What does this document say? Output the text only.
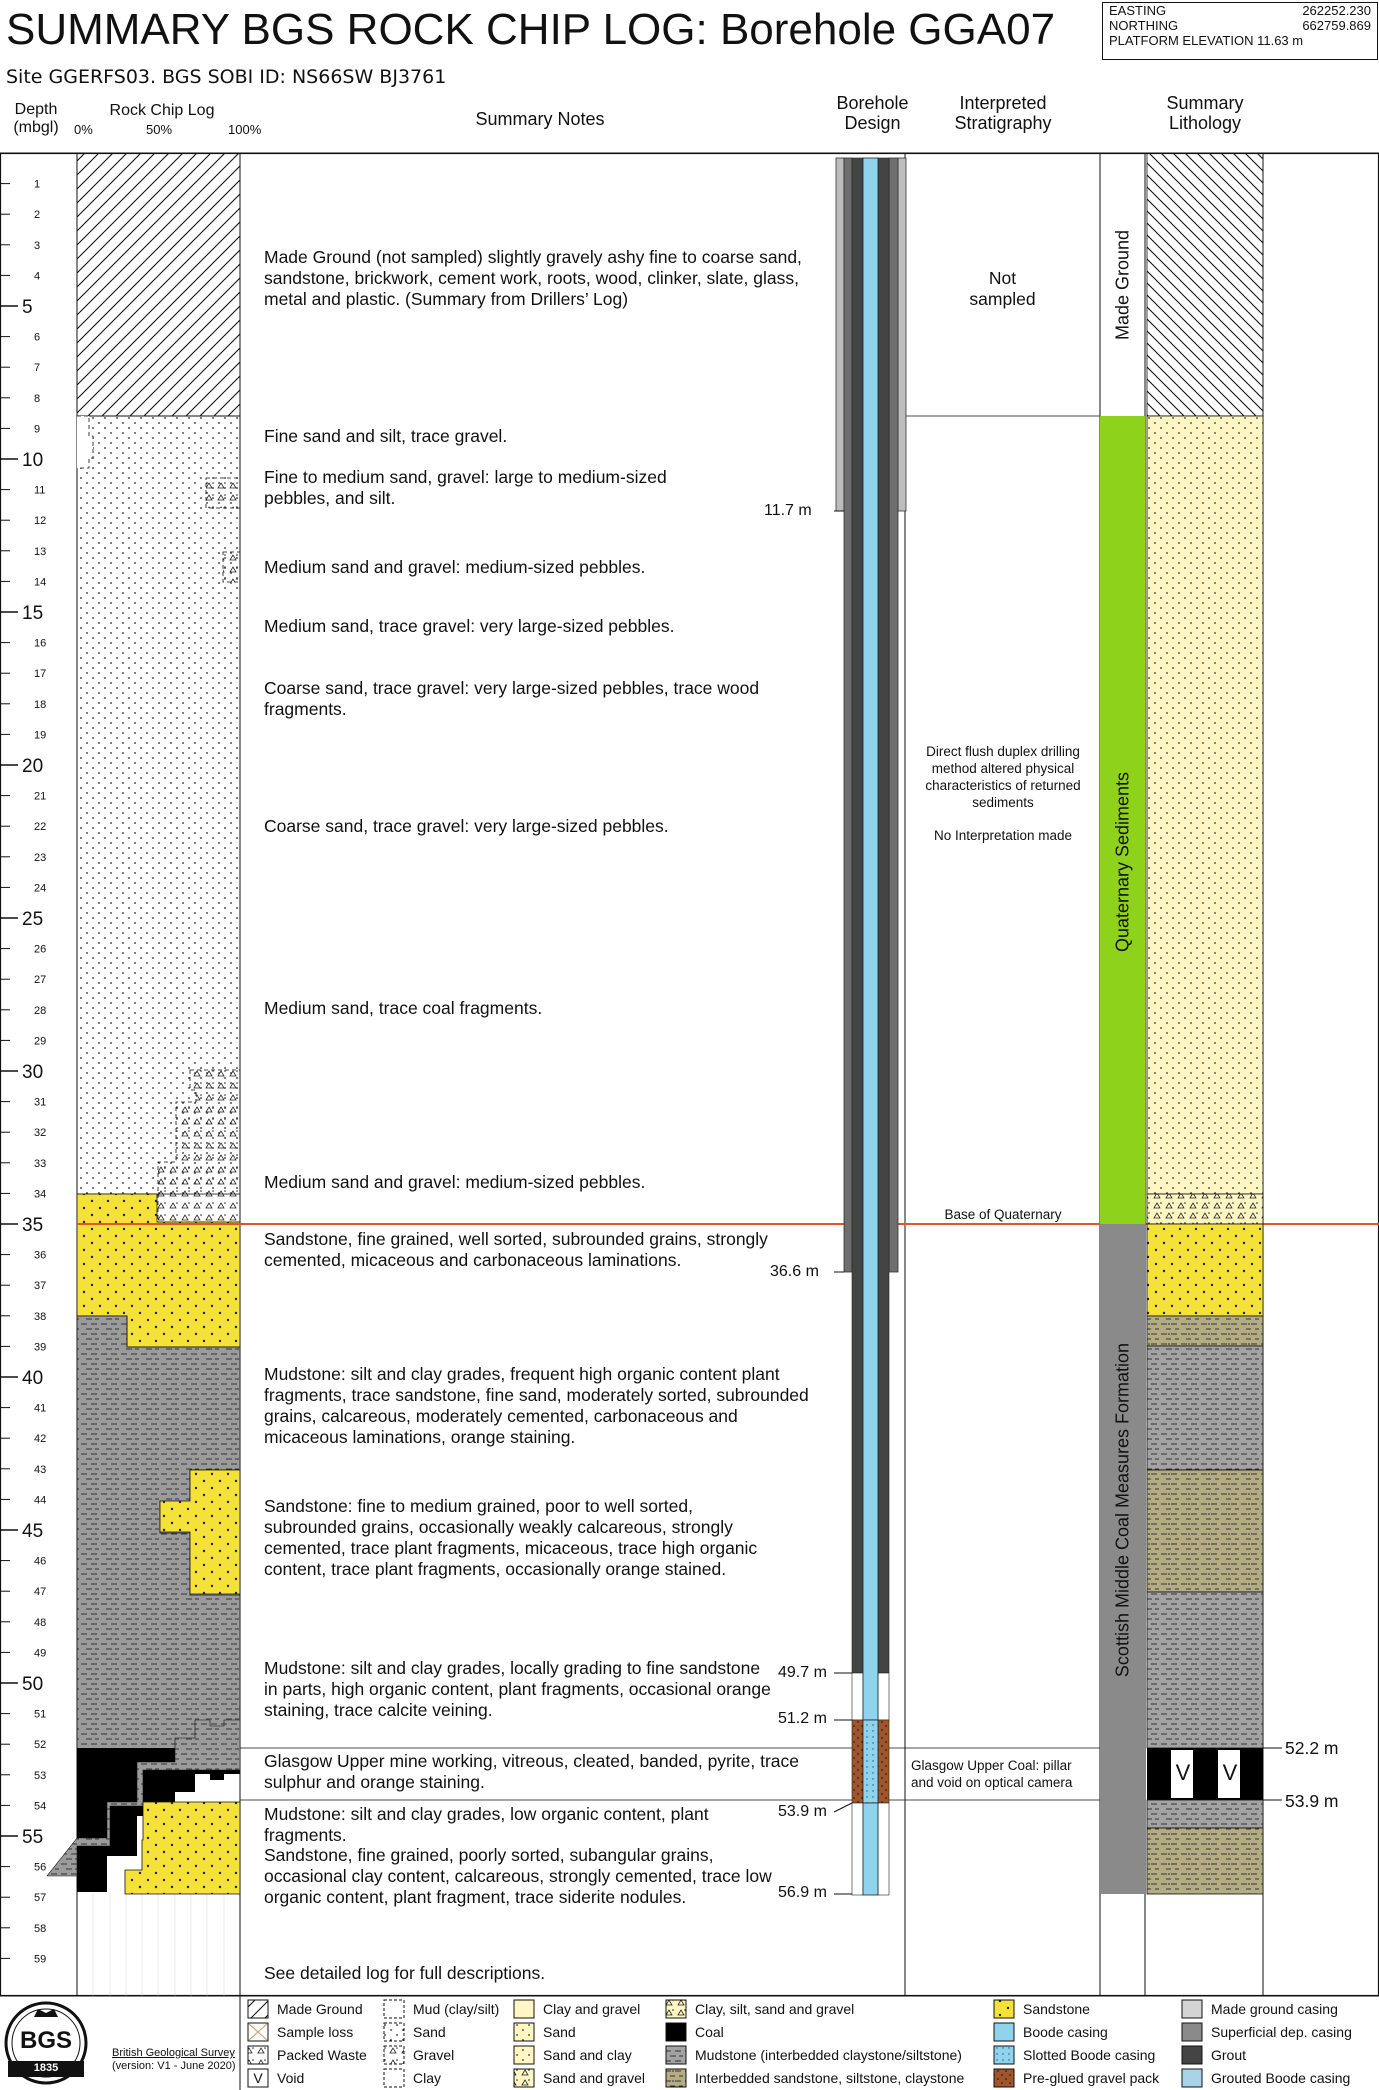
SUMMARY BGS ROCK CHIP LOG: Borehole GGA07
Site GGERFS03. BGS SOBI ID: NS66SW BJ3761
EASTING	262252.230
NORTHING	662759.869
PLATFORM ELEVATION 11.63 m
Depth
(mbgl)
Rock Chip Log
0%	50%	100%
Summary Notes
Borehole
Design
Interpreted
Stratigraphy
Summary
Lithology
1
2
3
4
5
6
7
8
9
10
11
12
13
14
15
16
17
18
19
20
21
22
23
24
25
26
27
28
29
30
31
32
33
34
35
36
37
38
39
40
41
42
43
44
45
46
47
48
49
50
51
52
53
54
55
56
57
58
59
Made Ground (not sampled) slightly gravely ashy fine to coarse sand, sandstone, brickwork, cement work, roots, wood, clinker, slate, glass, metal and plastic. (Summary from Drillers’ Log)
Fine sand and silt, trace gravel.
Fine to medium sand, gravel: large to medium-sized pebbles, and silt.
Medium sand and gravel: medium-sized pebbles.
Medium sand, trace gravel: very large-sized pebbles.
Coarse sand, trace gravel: very large-sized pebbles, trace wood fragments.
Coarse sand, trace gravel: very large-sized pebbles.
Medium sand, trace coal fragments.
Medium sand and gravel: medium-sized pebbles.
Sandstone, fine grained, well sorted, subrounded grains, strongly cemented, micaceous and carbonaceous laminations.
Mudstone: silt and clay grades, frequent high organic content plant fragments, trace sandstone, fine sand, moderately sorted, subrounded grains, calcareous, moderately cemented, carbonaceous and micaceous laminations, orange staining.
Sandstone: fine to medium grained, poor to well sorted, subrounded grains, occasionally weakly calcareous, strongly cemented, trace plant fragments, micaceous, trace high organic content, trace plant fragments, occasionally orange stained.
Mudstone: silt and clay grades, locally grading to fine sandstone in parts, high organic content, plant fragments, occasional orange staining, trace calcite veining.
Glasgow Upper mine working, vitreous, cleated, banded, pyrite, trace sulphur and orange staining.
Mudstone: silt and clay grades, low organic content, plant fragments.
Sandstone, fine grained, poorly sorted, subangular grains, occasional clay content, calcareous, strongly cemented, trace low organic content, plant fragment, trace siderite nodules.
See detailed log for full descriptions.
11.7 m
36.6 m
49.7 m
51.2 m
53.9 m
56.9 m
Not sampled
Direct flush duplex drilling method altered physical characteristics of returned sediments
No Interpretation made
Base of Quaternary
Glasgow Upper Coal: pillar and void on optical camera
Made Ground
Quaternary Sediments
Scottish Middle Coal Measures Formation
V V
52.2 m
53.9 m
BGS
1835
British Geological Survey
(version: V1 - June 2020)
V
Made Ground
Sample loss
Packed Waste
Void
Mud (clay/silt)
Sand
Gravel
Clay
Clay and gravel
Sand
Sand and clay
Sand and gravel
Clay, silt, sand and gravel
Coal
Mudstone (interbedded claystone/siltstone)
Interbedded sandstone, siltstone, claystone
Sandstone
Boode casing
Slotted Boode casing
Pre-glued gravel pack
Made ground casing
Superficial dep. casing
Grout
Grouted Boode casing
